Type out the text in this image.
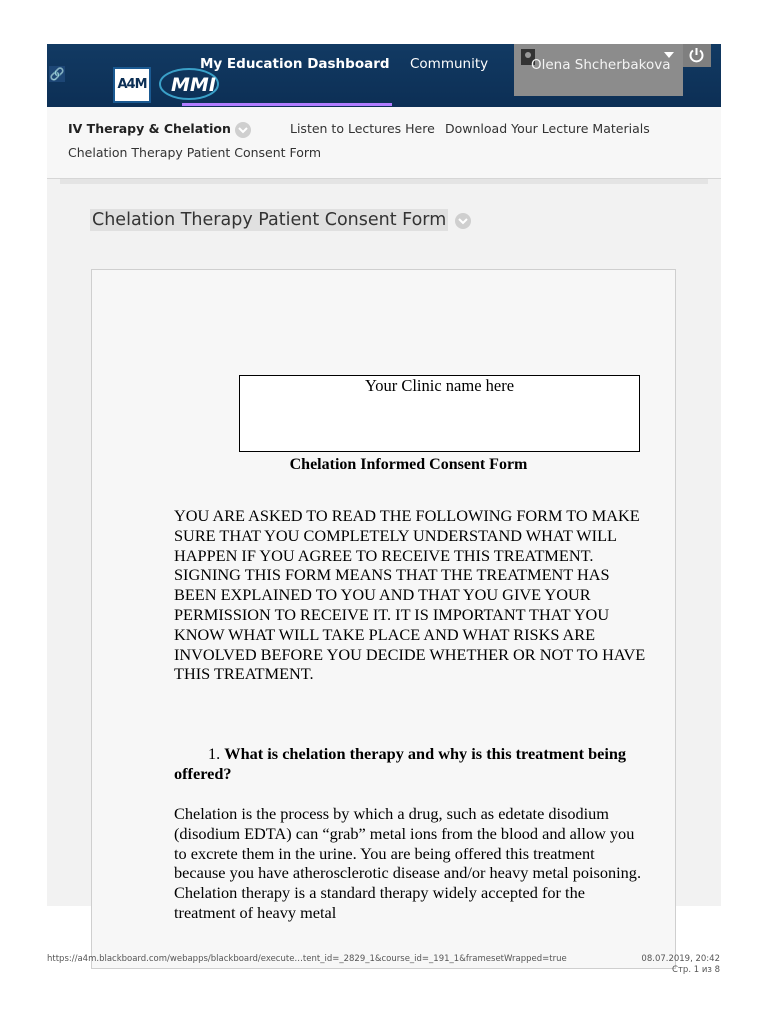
🔗
A4M MMI
My Education Dashboard Community	Olena Shcherbakova
IV Therapy & Chelation	Listen to Lectures Here Download Your Lecture Materials
Chelation Therapy Patient Consent Form
Chelation Therapy Patient Consent Form
Your Clinic name here
Chelation Informed Consent Form
YOU ARE ASKED TO READ THE FOLLOWING FORM TO MAKE SURE THAT YOU COMPLETELY UNDERSTAND WHAT WILL HAPPEN IF YOU AGREE TO RECEIVE THIS TREATMENT. SIGNING THIS FORM MEANS THAT THE TREATMENT HAS BEEN EXPLAINED TO YOU AND THAT YOU GIVE YOUR PERMISSION TO RECEIVE IT. IT IS IMPORTANT THAT YOU KNOW WHAT WILL TAKE PLACE AND WHAT RISKS ARE INVOLVED BEFORE YOU DECIDE WHETHER OR NOT TO HAVE THIS TREATMENT.
1. What is chelation therapy and why is this treatment being offered?
Chelation is the process by which a drug, such as edetate disodium (disodium EDTA) can “grab” metal ions from the blood and allow you to excrete them in the urine. You are being offered this treatment because you have atherosclerotic disease and/or heavy metal poisoning. Chelation therapy is a standard therapy widely accepted for the treatment of heavy metal
https://a4m.blackboard.com/webapps/blackboard/execute…tent_id=_2829_1&course_id=_191_1&framesetWrapped=true	08.07.2019, 20:42
Стр. 1 из 8
